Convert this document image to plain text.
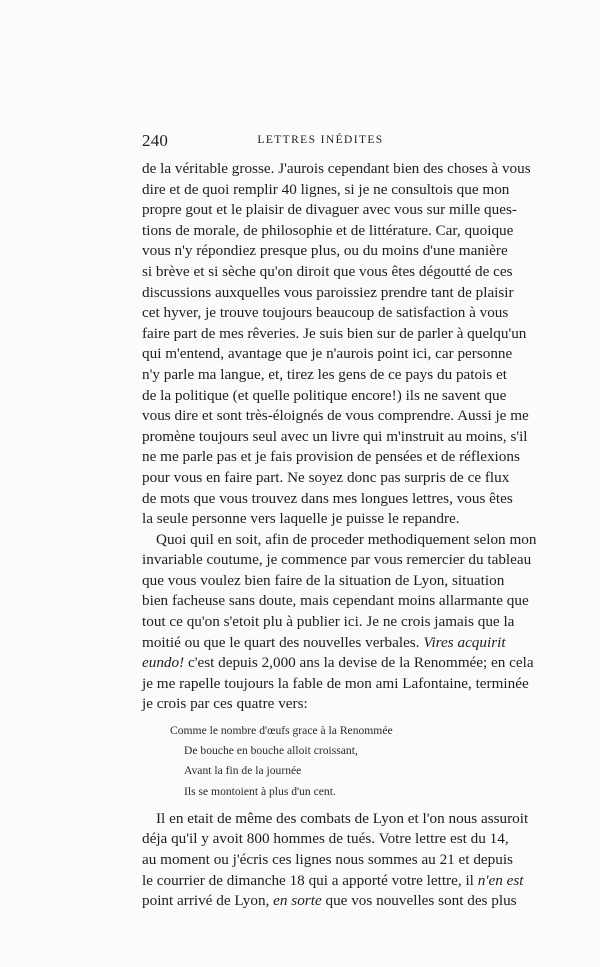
240	LETTRES INÉDITES
de la véritable grosse. J'aurois cependant bien des choses à vous
dire et de quoi remplir 40 lignes, si je ne consultois que mon
propre gout et le plaisir de divaguer avec vous sur mille ques-
tions de morale, de philosophie et de littérature. Car, quoique
vous n'y répondiez presque plus, ou du moins d'une manière
si brève et si sèche qu'on diroit que vous êtes dégoutté de ces
discussions auxquelles vous paroissiez prendre tant de plaisir
cet hyver, je trouve toujours beaucoup de satisfaction à vous
faire part de mes rêveries. Je suis bien sur de parler à quelqu'un
qui m'entend, avantage que je n'aurois point ici, car personne
n'y parle ma langue, et, tirez les gens de ce pays du patois et
de la politique (et quelle politique encore!) ils ne savent que
vous dire et sont très-éloignés de vous comprendre. Aussi je me
promène toujours seul avec un livre qui m'instruit au moins, s'il
ne me parle pas et je fais provision de pensées et de réflexions
pour vous en faire part. Ne soyez donc pas surpris de ce flux
de mots que vous trouvez dans mes longues lettres, vous êtes
la seule personne vers laquelle je puisse le repandre.
Quoi quil en soit, afin de proceder methodiquement selon mon
invariable coutume, je commence par vous remercier du tableau
que vous voulez bien faire de la situation de Lyon, situation
bien facheuse sans doute, mais cependant moins allarmante que
tout ce qu'on s'etoit plu à publier ici. Je ne crois jamais que la
moitié ou que le quart des nouvelles verbales. Vires acquirit
eundo! c'est depuis 2,000 ans la devise de la Renommée; en cela
je me rapelle toujours la fable de mon ami Lafontaine, terminée
je crois par ces quatre vers:
Comme le nombre d'œufs grace à la Renommée
De bouche en bouche alloit croissant,
Avant la fin de la journée
Ils se montoient à plus d'un cent.
Il en etait de même des combats de Lyon et l'on nous assuroit
déja qu'il y avoit 800 hommes de tués. Votre lettre est du 14,
au moment ou j'écris ces lignes nous sommes au 21 et depuis
le courrier de dimanche 18 qui a apporté votre lettre, il n'en est
point arrivé de Lyon, en sorte que vos nouvelles sont des plus
